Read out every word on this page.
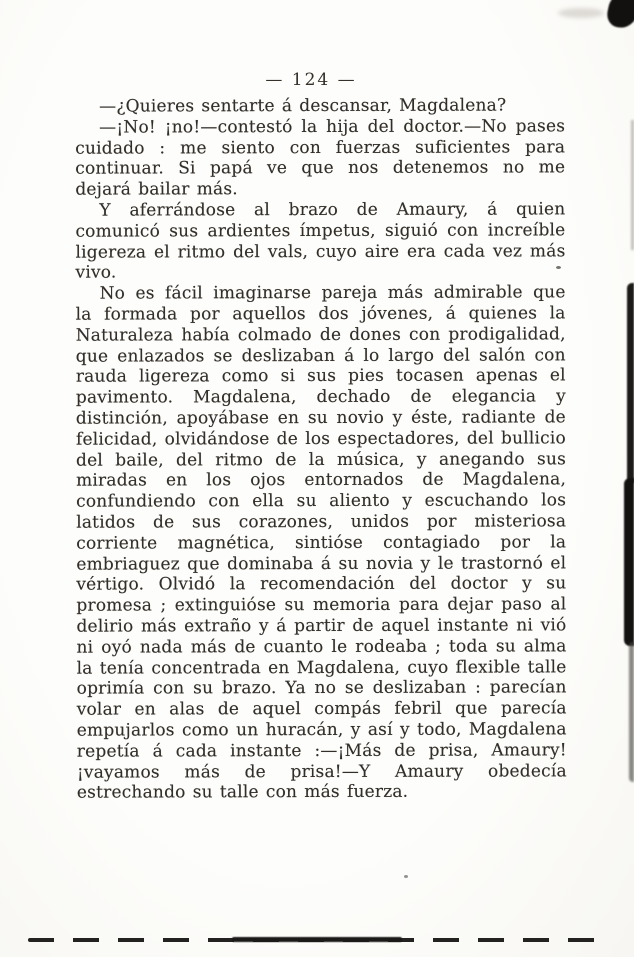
— 124 —

—¿Quieres sentarte á descansar, Magdalena?

—¡No! ¡no!—contestó la hija del doctor.—No pases cuidado : me siento con fuerzas suficientes para continuar. Si papá ve que nos detenemos no me dejará bailar más.

Y aferrándose al brazo de Amaury, á quien comunicó sus ardientes ímpetus, siguió con increíble ligereza el ritmo del vals, cuyo aire era cada vez más vivo.

No es fácil imaginarse pareja más admirable que la formada por aquellos dos jóvenes, á quienes la Naturaleza había colmado de dones con prodigalidad, que enlazados se deslizaban á lo largo del salón con rauda ligereza como si sus pies tocasen apenas el pavimento. Magdalena, dechado de elegancia y distinción, apoyábase en su novio y éste, radiante de felicidad, olvidándose de los espectadores, del bullicio del baile, del ritmo de la música, y anegando sus miradas en los ojos entornados de Magdalena, confundiendo con ella su aliento y escuchando los latidos de sus corazones, unidos por misteriosa corriente magnética, sintióse contagiado por la embriaguez que dominaba á su novia y le trastornó el vértigo. Olvidó la recomendación del doctor y su promesa ; extinguióse su memoria para dejar paso al delirio más extraño y á partir de aquel instante ni vió ni oyó nada más de cuanto le rodeaba ; toda su alma la tenía concentrada en Magdalena, cuyo flexible talle oprimía con su brazo. Ya no se deslizaban : parecían volar en alas de aquel compás febril que parecía empujarlos como un huracán, y así y todo, Magdalena repetía á cada instante :—¡Más de prisa, Amaury! ¡vayamos más de prisa!—Y Amaury obedecía estrechando su talle con más fuerza.
